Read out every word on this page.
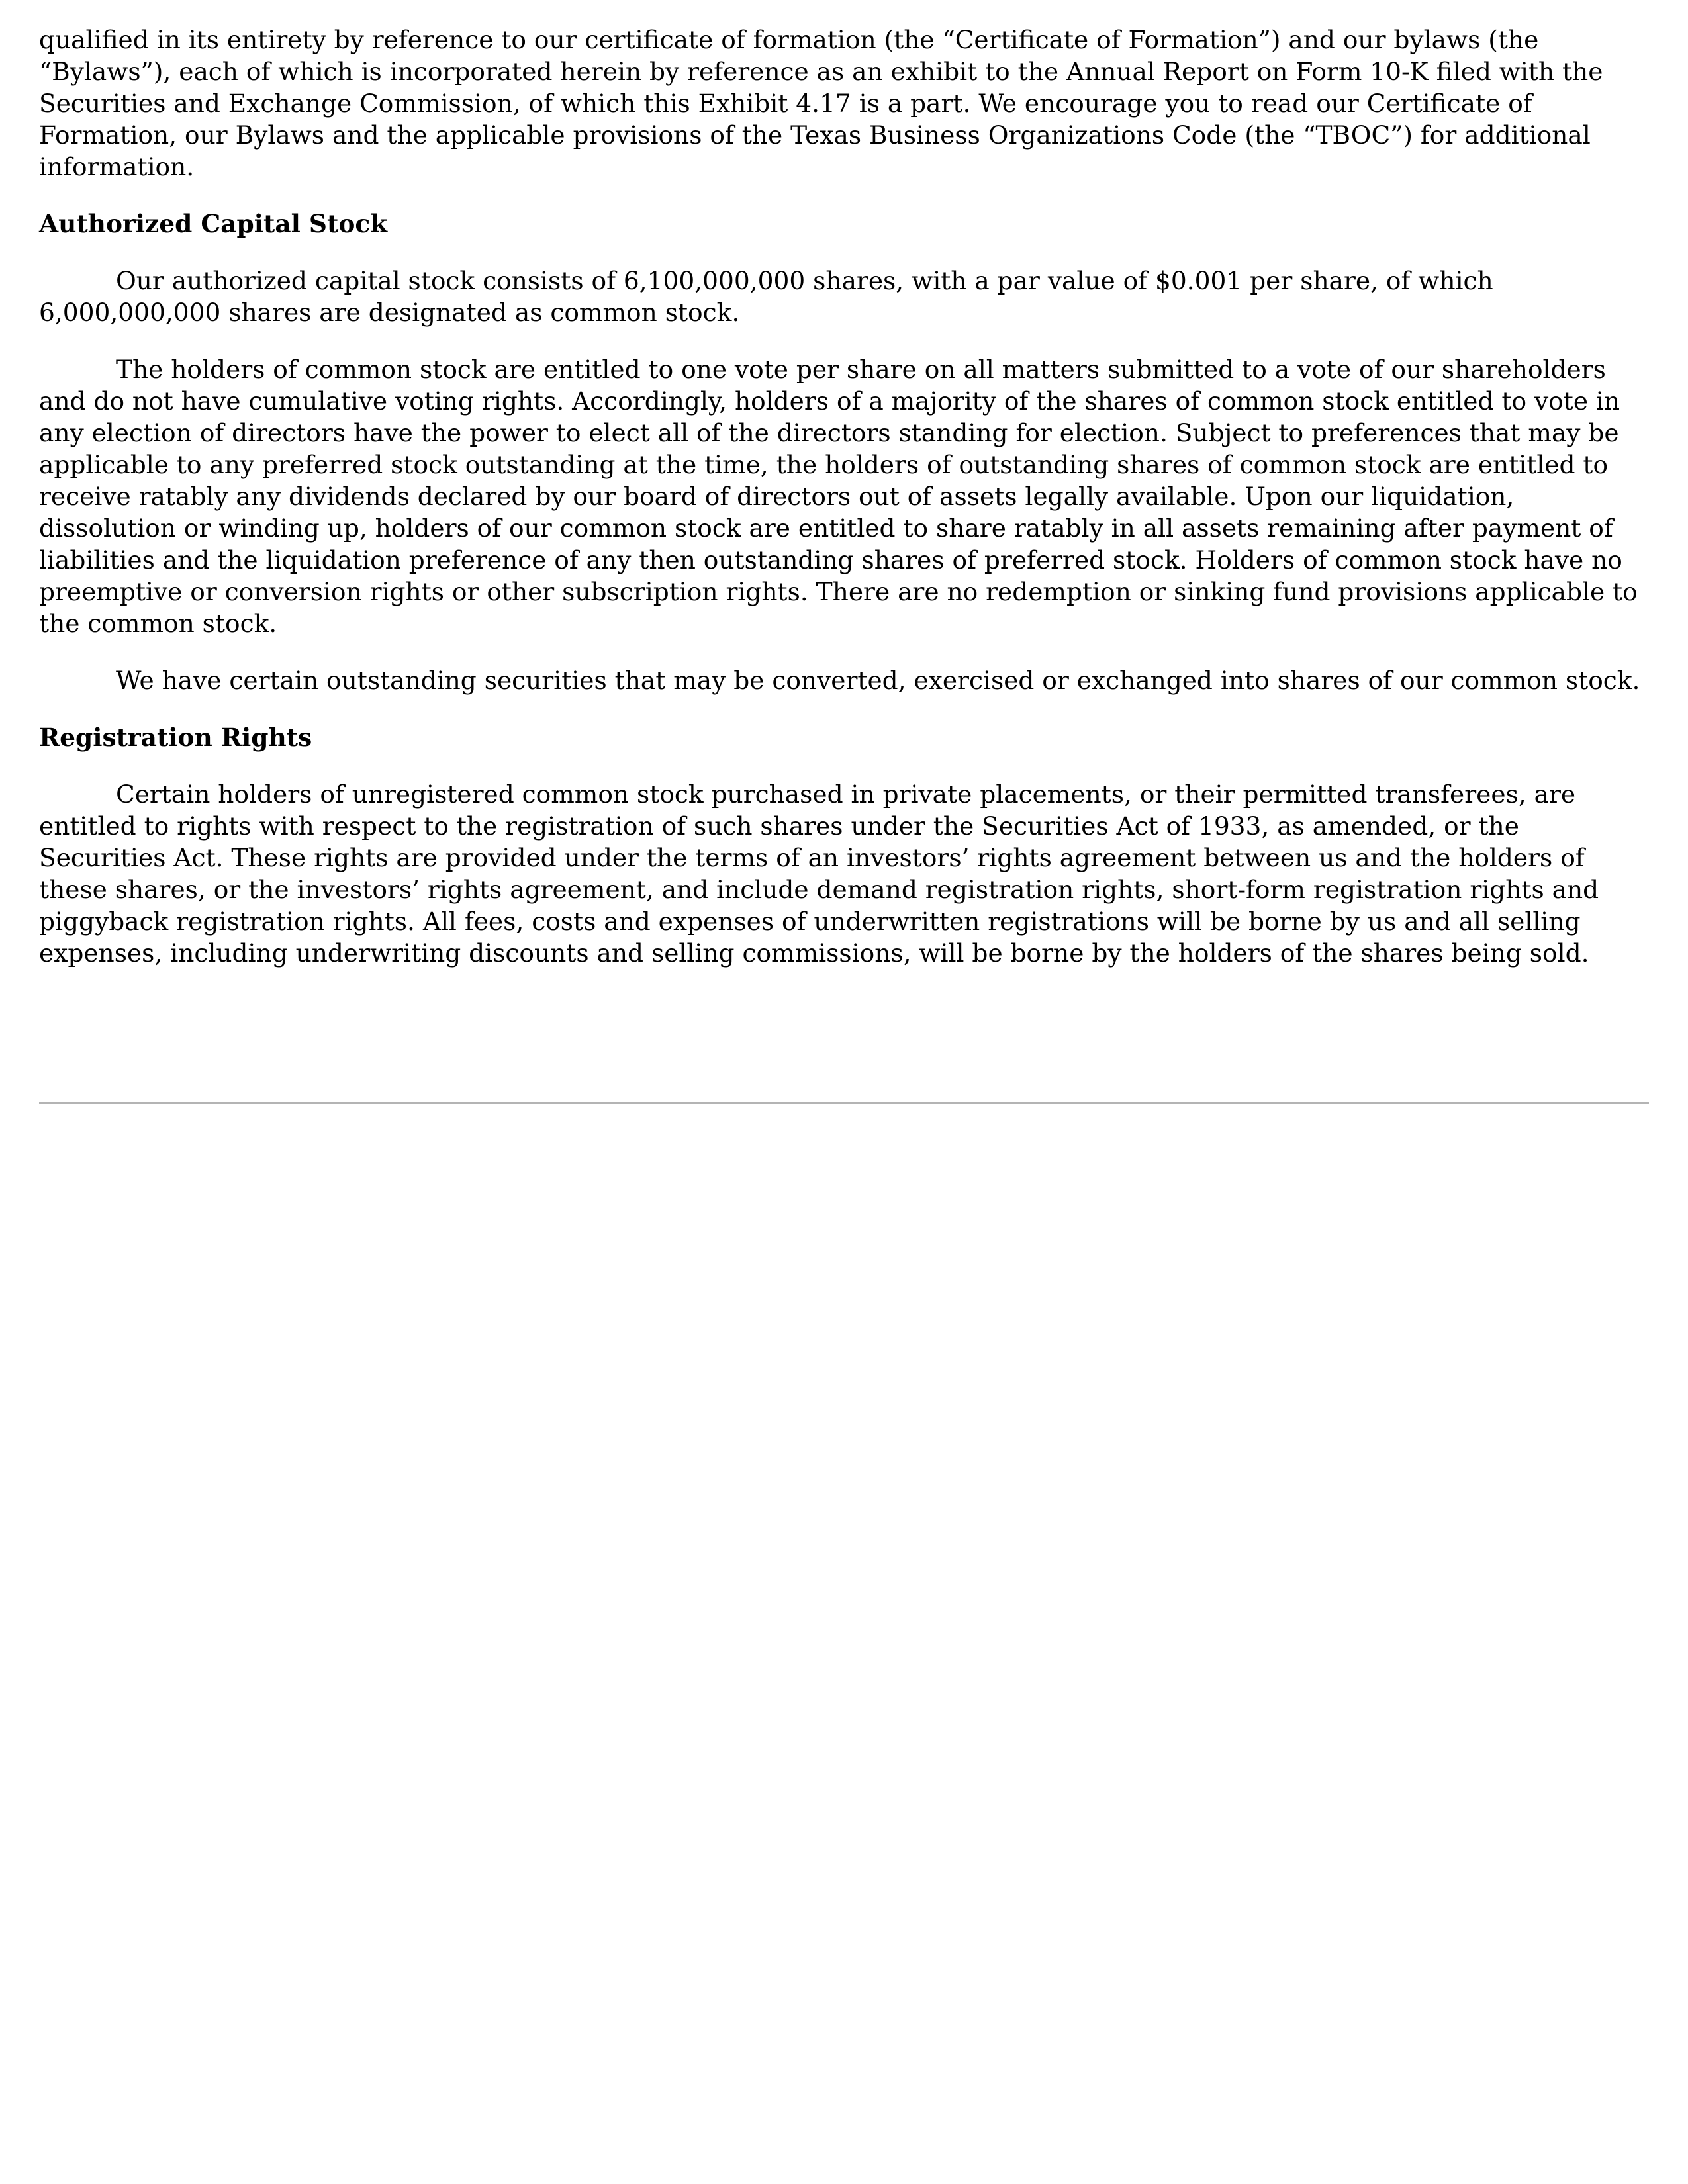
qualified in its entirety by reference to our certificate of formation (the “Certificate of Formation”) and our bylaws (the “Bylaws”), each of which is incorporated herein by reference as an exhibit to the Annual Report on Form 10-K filed with the Securities and Exchange Commission, of which this Exhibit 4.17 is a part. We encourage you to read our Certificate of Formation, our Bylaws and the applicable provisions of the Texas Business Organizations Code (the “TBOC”) for additional information.

Authorized Capital Stock

Our authorized capital stock consists of 6,100,000,000 shares, with a par value of $0.001 per share, of which 6,000,000,000 shares are designated as common stock.

The holders of common stock are entitled to one vote per share on all matters submitted to a vote of our shareholders and do not have cumulative voting rights. Accordingly, holders of a majority of the shares of common stock entitled to vote in any election of directors have the power to elect all of the directors standing for election. Subject to preferences that may be applicable to any preferred stock outstanding at the time, the holders of outstanding shares of common stock are entitled to receive ratably any dividends declared by our board of directors out of assets legally available. Upon our liquidation, dissolution or winding up, holders of our common stock are entitled to share ratably in all assets remaining after payment of liabilities and the liquidation preference of any then outstanding shares of preferred stock. Holders of common stock have no preemptive or conversion rights or other subscription rights. There are no redemption or sinking fund provisions applicable to the common stock.

We have certain outstanding securities that may be converted, exercised or exchanged into shares of our common stock.

Registration Rights

Certain holders of unregistered common stock purchased in private placements, or their permitted transferees, are entitled to rights with respect to the registration of such shares under the Securities Act of 1933, as amended, or the Securities Act. These rights are provided under the terms of an investors’ rights agreement between us and the holders of these shares, or the investors’ rights agreement, and include demand registration rights, short-form registration rights and piggyback registration rights. All fees, costs and expenses of underwritten registrations will be borne by us and all selling expenses, including underwriting discounts and selling commissions, will be borne by the holders of the shares being sold.
